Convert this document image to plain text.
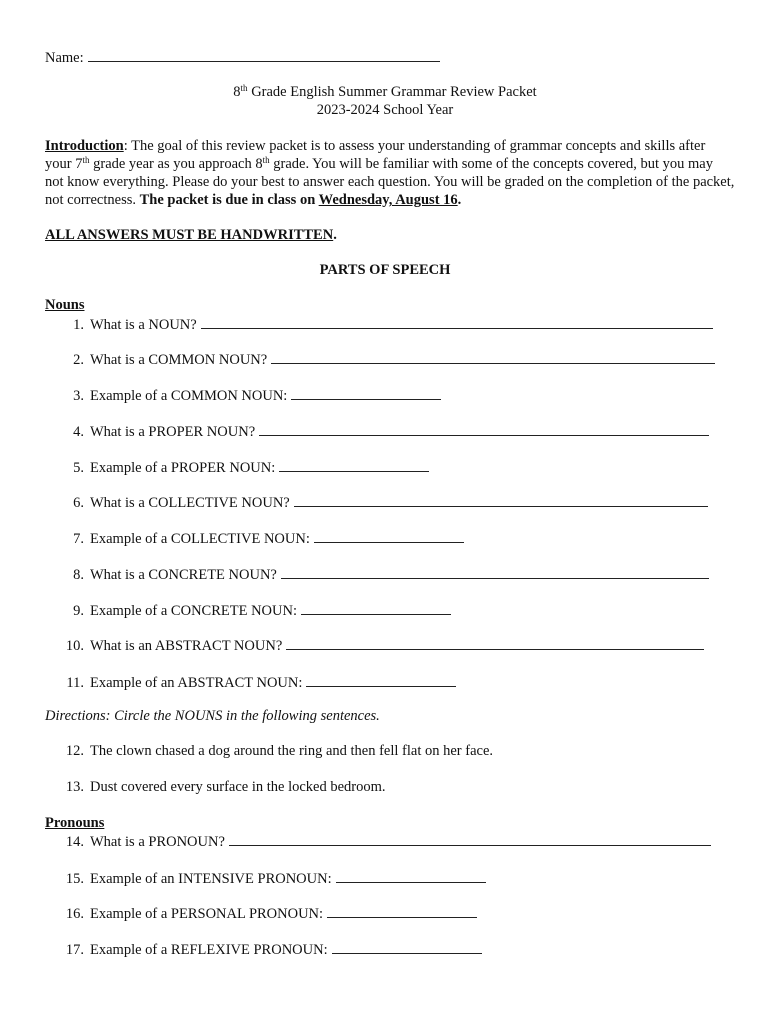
Name:
8th Grade English Summer Grammar Review Packet
2023-2024 School Year
Introduction: The goal of this review packet is to assess your understanding of grammar concepts and skills after your 7th grade year as you approach 8th grade. You will be familiar with some of the concepts covered, but you may not know everything. Please do your best to answer each question. You will be graded on the completion of the packet, not correctness. The packet is due in class on Wednesday, August 16.
ALL ANSWERS MUST BE HANDWRITTEN.
PARTS OF SPEECH
Nouns
1. What is a NOUN?
2. What is a COMMON NOUN?
3. Example of a COMMON NOUN:
4. What is a PROPER NOUN?
5. Example of a PROPER NOUN:
6. What is a COLLECTIVE NOUN?
7. Example of a COLLECTIVE NOUN:
8. What is a CONCRETE NOUN?
9. Example of a CONCRETE NOUN:
10. What is an ABSTRACT NOUN?
11. Example of an ABSTRACT NOUN:
Directions: Circle the NOUNS in the following sentences.
12. The clown chased a dog around the ring and then fell flat on her face.
13. Dust covered every surface in the locked bedroom.
Pronouns
14. What is a PRONOUN?
15. Example of an INTENSIVE PRONOUN:
16. Example of a PERSONAL PRONOUN:
17. Example of a REFLEXIVE PRONOUN:
